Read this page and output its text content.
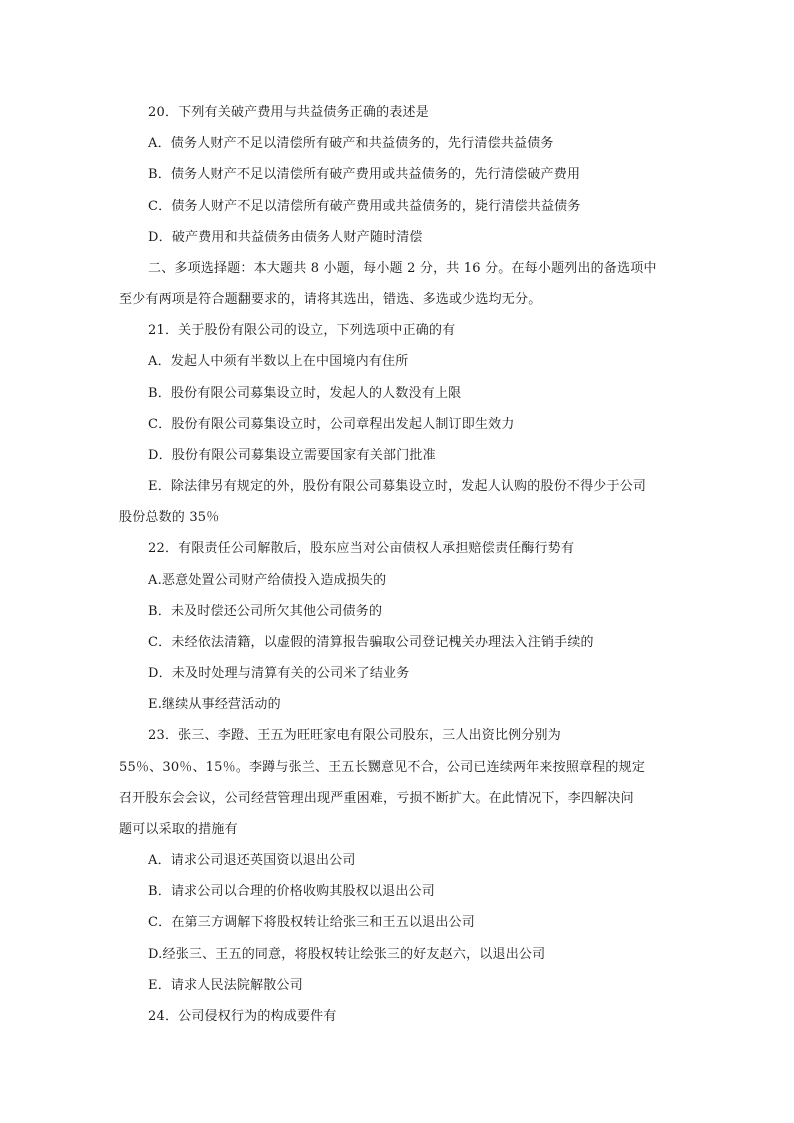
20．下列有关破产费用与共益债务正确的表述是

A．债务人财产不足以清偿所有破产和共益债务的，先行清偿共益债务

B．债务人财产不足以清偿所有破产费用或共益债务的，先行清偿破产费用

C．债务人财产不足以清偿所有破产费用或共益债务的，毙行清偿共益债务

D．破产费用和共益债务由债务人财产随时清偿

二、多项选择题：本大题共 8 小题，每小题 2 分，共 16 分。在每小题列出的备选项中

至少有两项是符合题翻要求的，请将其选出，错选、多选或少选均无分。

21．关于股份有限公司的设立，下列选项中正确的有

A．发起人中须有半数以上在中国境内有住所

B．股份有限公司募集设立时，发起人的人数没有上限

C．股份有限公司募集设立时，公司章程出发起人制订即生效力

D．股份有限公司募集设立需要国家有关部门批准

E．除法律另有规定的外，股份有限公司募集设立时，发起人认购的股份不得少于公司

股份总数的 35％

22．有限责任公司解散后，股东应当对公亩债权人承担赔偿责任酶行势有

A.恶意处置公司财产给债投入造成损失的

B．未及时偿还公司所欠其他公司债务的

C．未经依法清籍，以虚假的清算报告骗取公司登记槐关办理法入注销手续的

D．未及时处理与清算有关的公司米了结业务

E.继续从事经营活动的

23．张三、李蹬、王五为旺旺家电有限公司股东，三人出资比例分别为

55％、30％、15％。李蹲与张兰、王五长嬲意见不合，公司已连续两年来按照章程的规定

召开股东会会议，公司经营管理出现严重困难，亏损不断扩大。在此情况下，李四解决问

题可以采取的措施有

A．请求公司退还英国资以退出公司

B．请求公司以合理的价格收购其股权以退出公司

C．在第三方调解下将股权转让给张三和王五以退出公司

D.经张三、王五的同意，将股权转让绘张三的好友赵六，以退出公司

E．请求人民法院解散公司

24．公司侵权行为的构成要件有
